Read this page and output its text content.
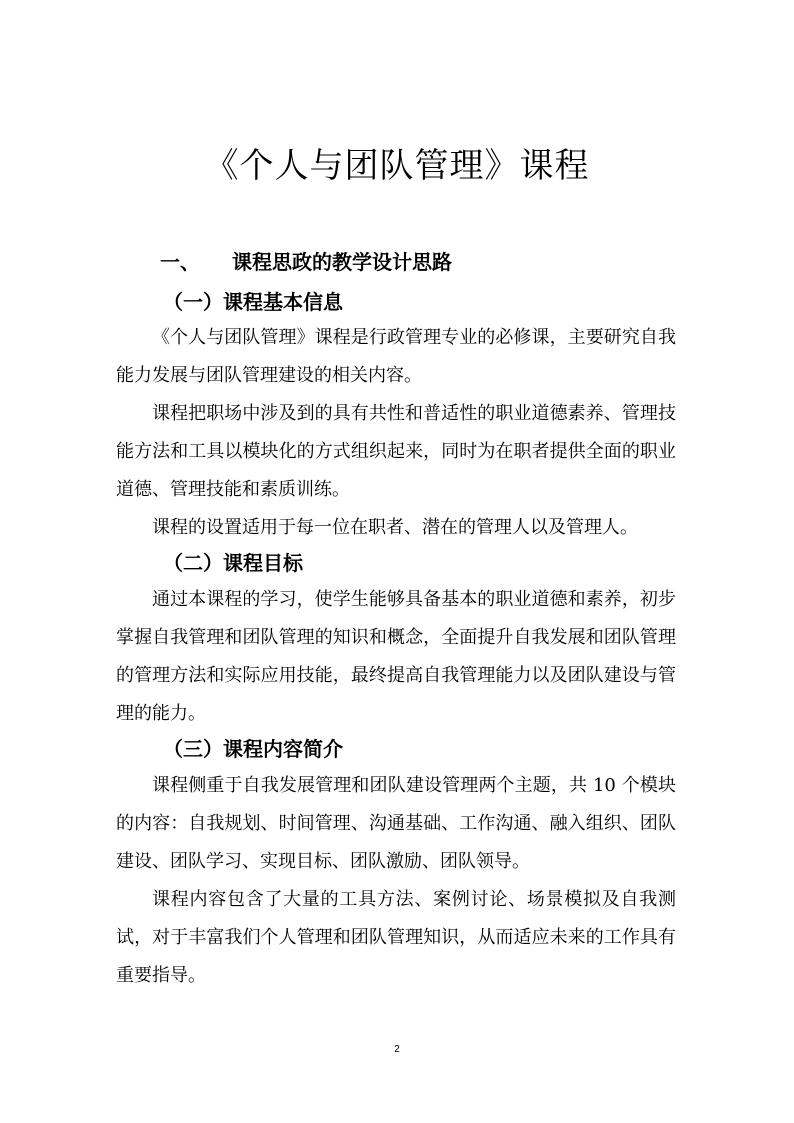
《个人与团队管理》课程
一、 课程思政的教学设计思路
（一）课程基本信息

《个人与团队管理》课程是行政管理专业的必修课，主要研究自我能力发展与团队管理建设的相关内容。

课程把职场中涉及到的具有共性和普适性的职业道德素养、管理技能方法和工具以模块化的方式组织起来，同时为在职者提供全面的职业道德、管理技能和素质训练。

课程的设置适用于每一位在职者、潜在的管理人以及管理人。

（二）课程目标

通过本课程的学习，使学生能够具备基本的职业道德和素养，初步掌握自我管理和团队管理的知识和概念，全面提升自我发展和团队管理的管理方法和实际应用技能，最终提高自我管理能力以及团队建设与管理的能力。

（三）课程内容简介

课程侧重于自我发展管理和团队建设管理两个主题，共 10 个模块的内容：自我规划、时间管理、沟通基础、工作沟通、融入组织、团队建设、团队学习、实现目标、团队激励、团队领导。

课程内容包含了大量的工具方法、案例讨论、场景模拟及自我测试，对于丰富我们个人管理和团队管理知识，从而适应未来的工作具有重要指导。

2
